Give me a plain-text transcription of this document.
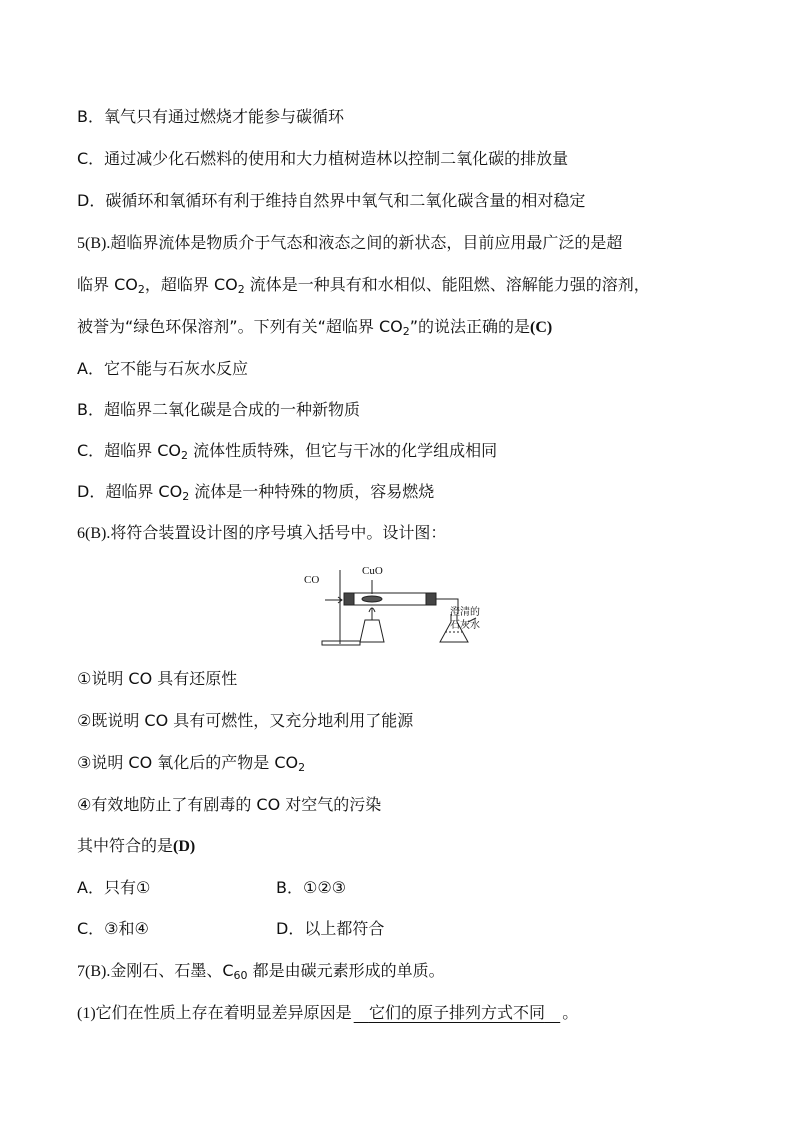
B．氧气只有通过燃烧才能参与碳循环
C．通过减少化石燃料的使用和大力植树造林以控制二氧化碳的排放量
D．碳循环和氧循环有利于维持自然界中氧气和二氧化碳含量的相对稳定
5(B).超临界流体是物质介于气态和液态之间的新状态，目前应用最广泛的是超
临界 $CO_2$，超临界 $CO_2$ 流体是一种具有和水相似、能阻燃、溶解能力强的溶剂，
被誉为“绿色环保溶剂”。下列有关“超临界 $CO_2$”的说法正确的是(C)
A．它不能与石灰水反应
B．超临界二氧化碳是合成的一种新物质
C．超临界 $CO_2$ 流体性质特殊，但它与干冰的化学组成相同
D．超临界 $CO_2$ 流体是一种特殊的物质，容易燃烧
6(B).将符合装置设计图的序号填入括号中。设计图：
CO
CuO
澄清的
石灰水
①说明 CO 具有还原性
②既说明 CO 具有可燃性，又充分地利用了能源
③说明 CO 氧化后的产物是 $CO_2$
④有效地防止了有剧毒的 CO 对空气的污染
其中符合的是(D)
A．只有①	B．①②③
C．③和④	D．以上都符合
7(B).金刚石、石墨、$C_{60}$ 都是由碳元素形成的单质。
(1)它们在性质上存在着明显差异原因是 它们的原子排列方式不同 。
